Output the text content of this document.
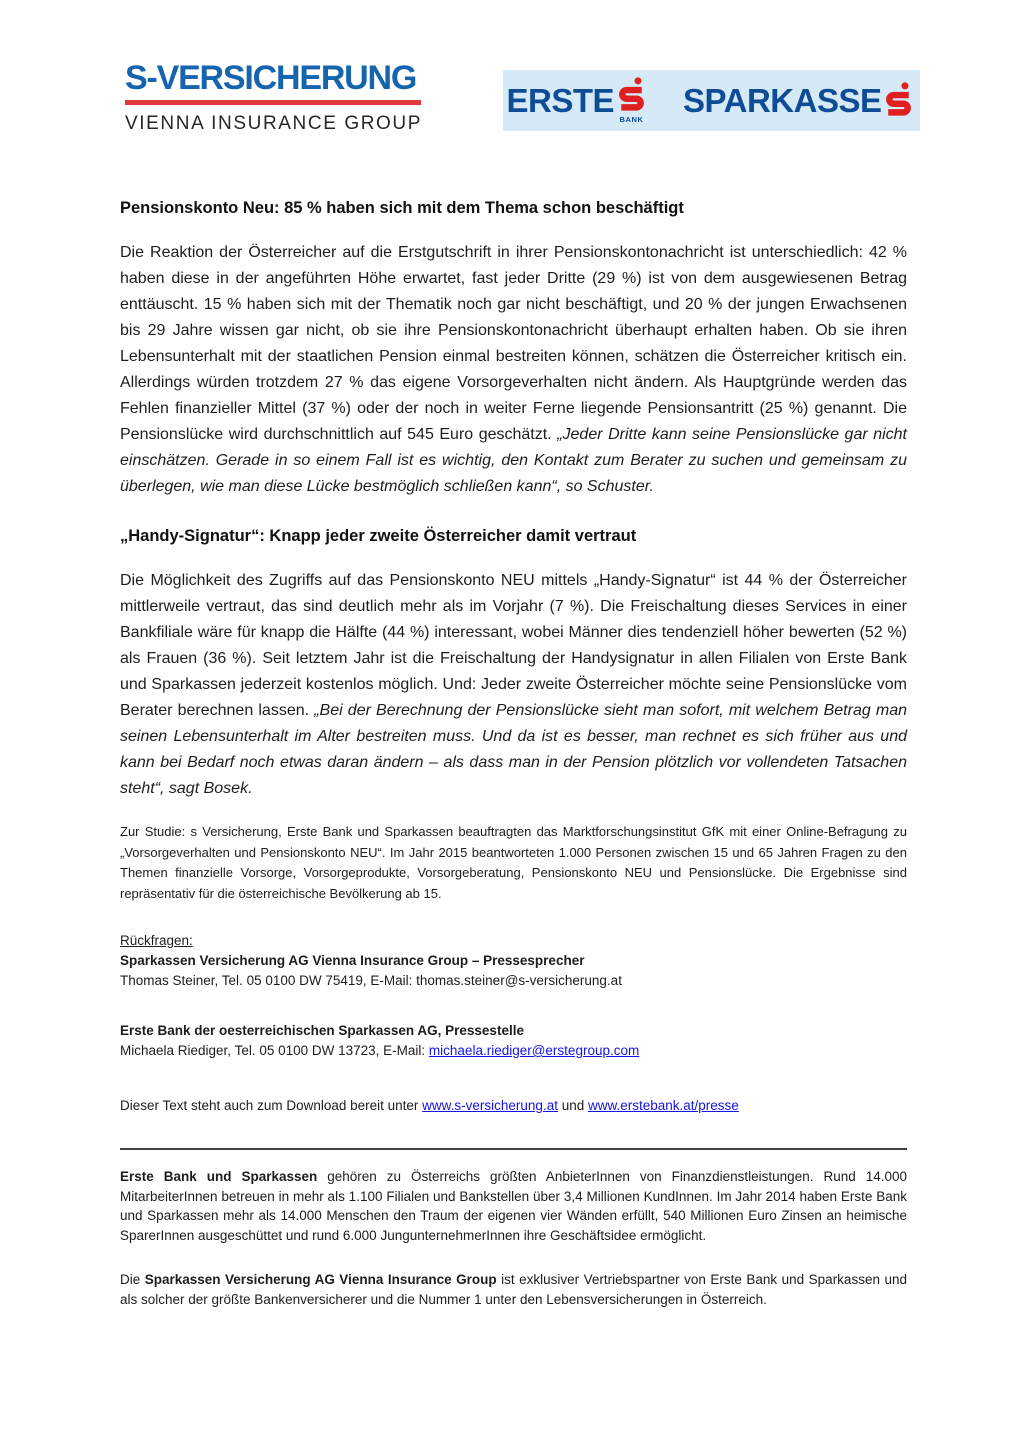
S-VERSICHERUNG
VIENNA INSURANCE GROUP
ERSTE
BANK
SPARKASSE
Pensionskonto Neu: 85 % haben sich mit dem Thema schon beschäftigt

Die Reaktion der Österreicher auf die Erstgutschrift in ihrer Pensionskontonachricht ist unterschiedlich: 42 % haben diese in der angeführten Höhe erwartet, fast jeder Dritte (29 %) ist von dem ausgewiesenen Betrag enttäuscht. 15 % haben sich mit der Thematik noch gar nicht beschäftigt, und 20 % der jungen Erwachsenen bis 29 Jahre wissen gar nicht, ob sie ihre Pensionskontonachricht überhaupt erhalten haben. Ob sie ihren Lebensunterhalt mit der staatlichen Pension einmal bestreiten können, schätzen die Österreicher kritisch ein. Allerdings würden trotzdem 27 % das eigene Vorsorgeverhalten nicht ändern. Als Hauptgründe werden das Fehlen finanzieller Mittel (37 %) oder der noch in weiter Ferne liegende Pensionsantritt (25 %) genannt. Die Pensionslücke wird durchschnittlich auf 545 Euro geschätzt. „Jeder Dritte kann seine Pensionslücke gar nicht einschätzen. Gerade in so einem Fall ist es wichtig, den Kontakt zum Berater zu suchen und gemeinsam zu überlegen, wie man diese Lücke bestmöglich schließen kann“, so Schuster.

„Handy-Signatur“: Knapp jeder zweite Österreicher damit vertraut

Die Möglichkeit des Zugriffs auf das Pensionskonto NEU mittels „Handy-Signatur“ ist 44 % der Österreicher mittlerweile vertraut, das sind deutlich mehr als im Vorjahr (7 %). Die Freischaltung dieses Services in einer Bankfiliale wäre für knapp die Hälfte (44 %) interessant, wobei Männer dies tendenziell höher bewerten (52 %) als Frauen (36 %). Seit letztem Jahr ist die Freischaltung der Handysignatur in allen Filialen von Erste Bank und Sparkassen jederzeit kostenlos möglich. Und: Jeder zweite Österreicher möchte seine Pensionslücke vom Berater berechnen lassen. „Bei der Berechnung der Pensionslücke sieht man sofort, mit welchem Betrag man seinen Lebensunterhalt im Alter bestreiten muss. Und da ist es besser, man rechnet es sich früher aus und kann bei Bedarf noch etwas daran ändern – als dass man in der Pension plötzlich vor vollendeten Tatsachen steht“, sagt Bosek.

Zur Studie: s Versicherung, Erste Bank und Sparkassen beauftragten das Marktforschungsinstitut GfK mit einer Online-Befragung zu „Vorsorgeverhalten und Pensionskonto NEU“. Im Jahr 2015 beantworteten 1.000 Personen zwischen 15 und 65 Jahren Fragen zu den Themen finanzielle Vorsorge, Vorsorgeprodukte, Vorsorgeberatung, Pensionskonto NEU und Pensionslücke. Die Ergebnisse sind repräsentativ für die österreichische Bevölkerung ab 15.

Rückfragen:

Sparkassen Versicherung AG Vienna Insurance Group – Pressesprecher

Thomas Steiner, Tel. 05 0100 DW 75419, E-Mail: thomas.steiner@s-versicherung.at

Erste Bank der oesterreichischen Sparkassen AG, Pressestelle

Michaela Riediger, Tel. 05 0100 DW 13723, E-Mail: michaela.riediger@erstegroup.com

Dieser Text steht auch zum Download bereit unter www.s-versicherung.at und www.erstebank.at/presse

Erste Bank und Sparkassen gehören zu Österreichs größten AnbieterInnen von Finanzdienstleistungen. Rund 14.000 MitarbeiterInnen betreuen in mehr als 1.100 Filialen und Bankstellen über 3,4 Millionen KundInnen. Im Jahr 2014 haben Erste Bank und Sparkassen mehr als 14.000 Menschen den Traum der eigenen vier Wänden erfüllt, 540 Millionen Euro Zinsen an heimische SparerInnen ausgeschüttet und rund 6.000 JungunternehmerInnen ihre Geschäftsidee ermöglicht.

Die Sparkassen Versicherung AG Vienna Insurance Group ist exklusiver Vertriebspartner von Erste Bank und Sparkassen und als solcher der größte Bankenversicherer und die Nummer 1 unter den Lebensversicherungen in Österreich.
